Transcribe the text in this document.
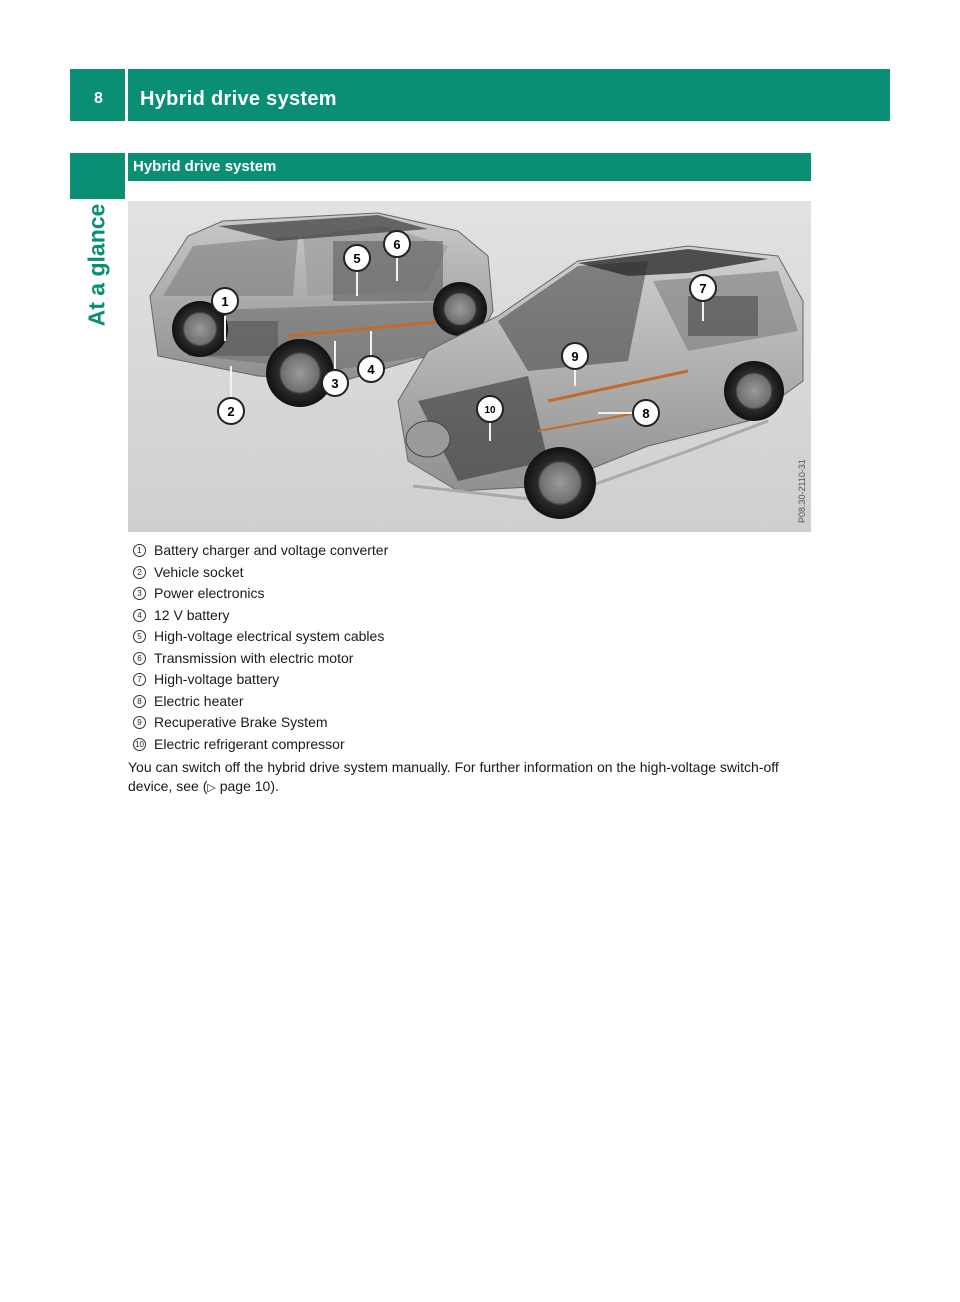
8 Hybrid drive system
At a glance
Hybrid drive system
1
2
3
4
5
6
7
8
9
10
P08.30-2110-31
1 Battery charger and voltage converter
2 Vehicle socket
3 Power electronics
4 12 V battery
5 High-voltage electrical system cables
6 Transmission with electric motor
7 High-voltage battery
8 Electric heater
9 Recuperative Brake System
10 Electric refrigerant compressor

You can switch off the hybrid drive system manually. For further information on the high-voltage switch-off device, see (▷ page 10).
